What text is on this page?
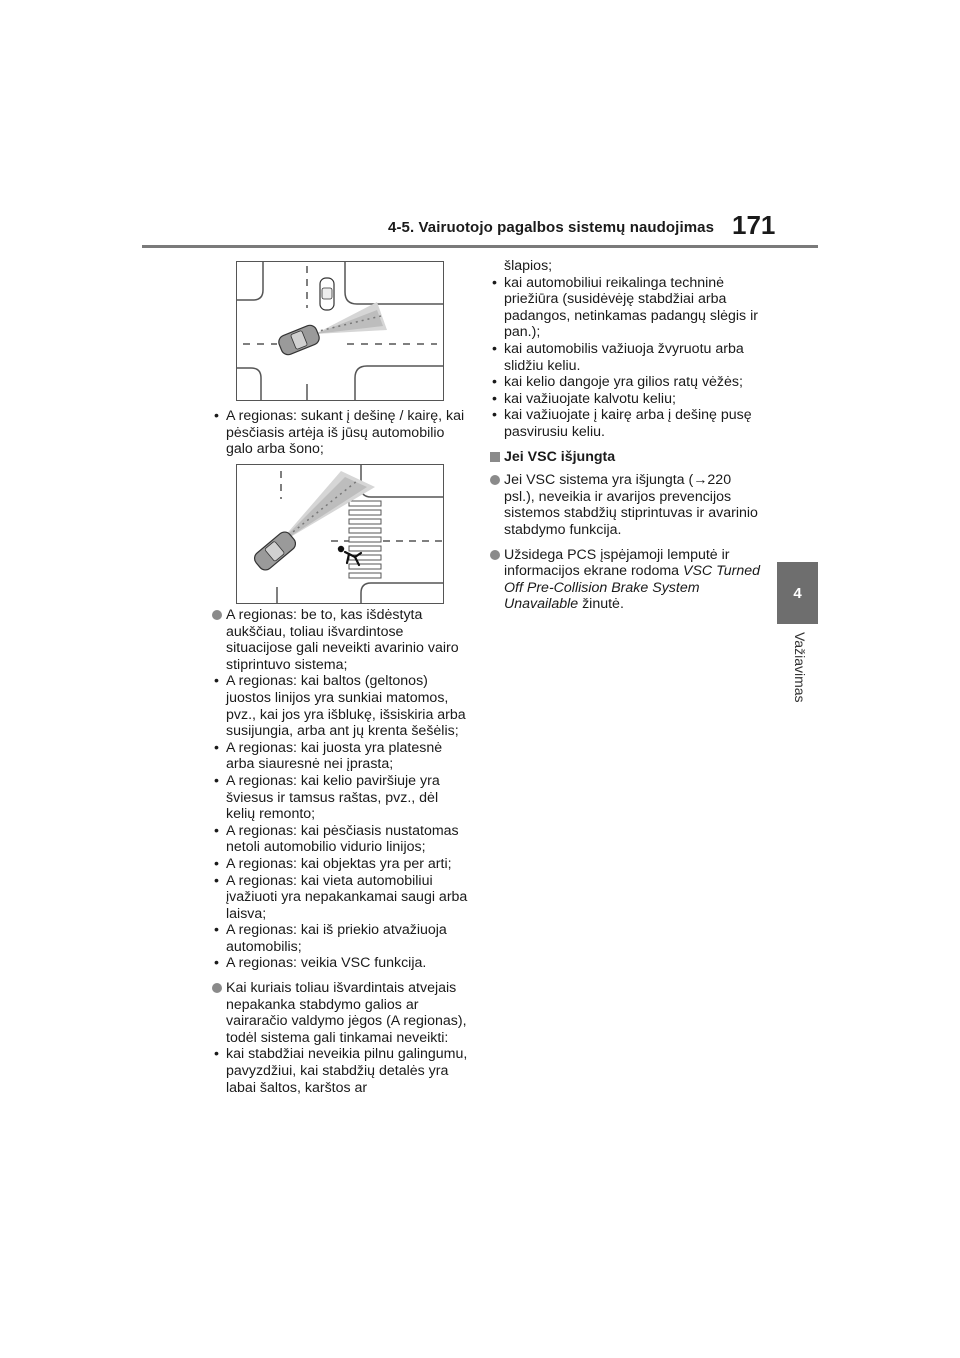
4-5. Vairuotojo pagalbos sistemų naudojimas 171
4
Važiavimas
• A regionas: sukant į dešinę / kairę, kai pėsčiasis artėja iš jūsų automobilio galo arba šono;
A regionas: be to, kas išdėstyta aukščiau, toliau išvardintose situacijose gali neveikti avarinio vairo stiprintuvo sistema;
• A regionas: kai baltos (geltonos) juostos linijos yra sunkiai matomos, pvz., kai jos yra išblukę, išsiskiria arba susijungia, arba ant jų krenta šešėlis;
• A regionas: kai juosta yra platesnė arba siauresnė nei įprasta;
• A regionas: kai kelio paviršiuje yra šviesus ir tamsus raštas, pvz., dėl kelių remonto;
• A regionas: kai pėsčiasis nustatomas netoli automobilio vidurio linijos;
• A regionas: kai objektas yra per arti;
• A regionas: kai vieta automobiliui įvažiuoti yra nepakankamai saugi arba laisva;
• A regionas: kai iš priekio atvažiuoja automobilis;
• A regionas: veikia VSC funkcija.
Kai kuriais toliau išvardintais atvejais nepakanka stabdymo galios ar vairaračio valdymo jėgos (A regionas), todėl sistema gali tinkamai neveikti:
• kai stabdžiai neveikia pilnu galingumu, pavyzdžiui, kai stabdžių detalės yra labai šaltos, karštos ar
šlapios;
• kai automobiliui reikalinga techninė priežiūra (susidėvėję stabdžiai arba padangos, netinkamas padangų slėgis ir pan.);
• kai automobilis važiuoja žvyruotu arba slidžiu keliu.
• kai kelio dangoje yra gilios ratų vėžės;
• kai važiuojate kalvotu keliu;
• kai važiuojate į kairę arba į dešinę pusę pasvirusiu keliu.
Jei VSC išjungta
Jei VSC sistema yra išjungta (→220 psl.), neveikia ir avarijos prevencijos sistemos stabdžių stiprintuvas ir avarinio stabdymo funkcija.
Užsidega PCS įspėjamoji lemputė ir informacijos ekrane rodoma VSC Turned Off Pre-Collision Brake System Unavailable žinutė.
